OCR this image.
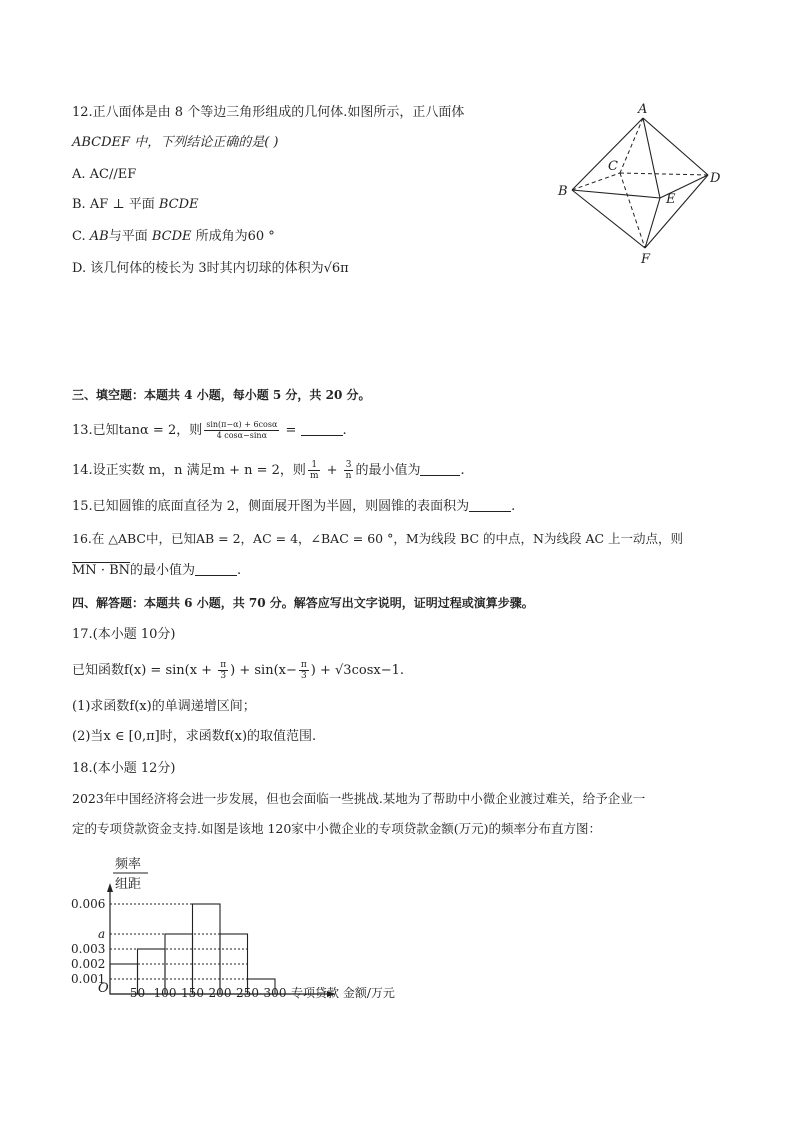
12.正八面体是由 8 个等边三角形组成的几何体.如图所示，正八面体
ABCDEF 中，下列结论正确的是( )
A. AC//EF
B. AF ⊥ 平面 BCDE
C. AB与平面 BCDE 所成角为60 °
D. 该几何体的棱长为 3时其内切球的体积为√6π
A
B
C
D
E
F
三、填空题：本题共 4 小题，每小题 5 分，共 20 分。
13.已知tanα = 2，则 $\frac{\sin(\pi-\alpha) + 6\cos\alpha}{4 \cos\alpha-\sin\alpha}$ =	.
14.设正实数 m，n 满足m + n = 2，则 $\frac{1}{m} + \frac{3}{n}$ 的最小值为	.
15.已知圆锥的底面直径为 2，侧面展开图为半圆，则圆锥的表面积为	.
16.在 △ABC中，已知AB = 2，AC = 4，∠BAC = 60 °，M为线段 BC 的中点，N为线段 AC 上一动点，则
MN · BN的最小值为	.
四、解答题：本题共 6 小题，共 70 分。解答应写出文字说明，证明过程或演算步骤。
17.(本小题 10分)
已知函数$f(x) = \sin(x + \frac{\pi}{3}$ ) + $\sin(x- \frac{\pi}{3}$ ) + √3cosx−1.
(1)求函数f(x)的单调递增区间；
(2)当x ∈ [0,π]时，求函数f(x)的取值范围.
18.(本小题 12分)
2023年中国经济将会进一步发展，但也会面临一些挑战.某地为了帮助中小微企业渡过难关，给予企业一
定的专项贷款资金支持.如图是该地 120家中小微企业的专项贷款金额(万元)的频率分布直方图：
频率
组距
O	专项贷款 金额/万元
0.006
a
0.003
0.002
0.001
50 100 150 200 250 300
